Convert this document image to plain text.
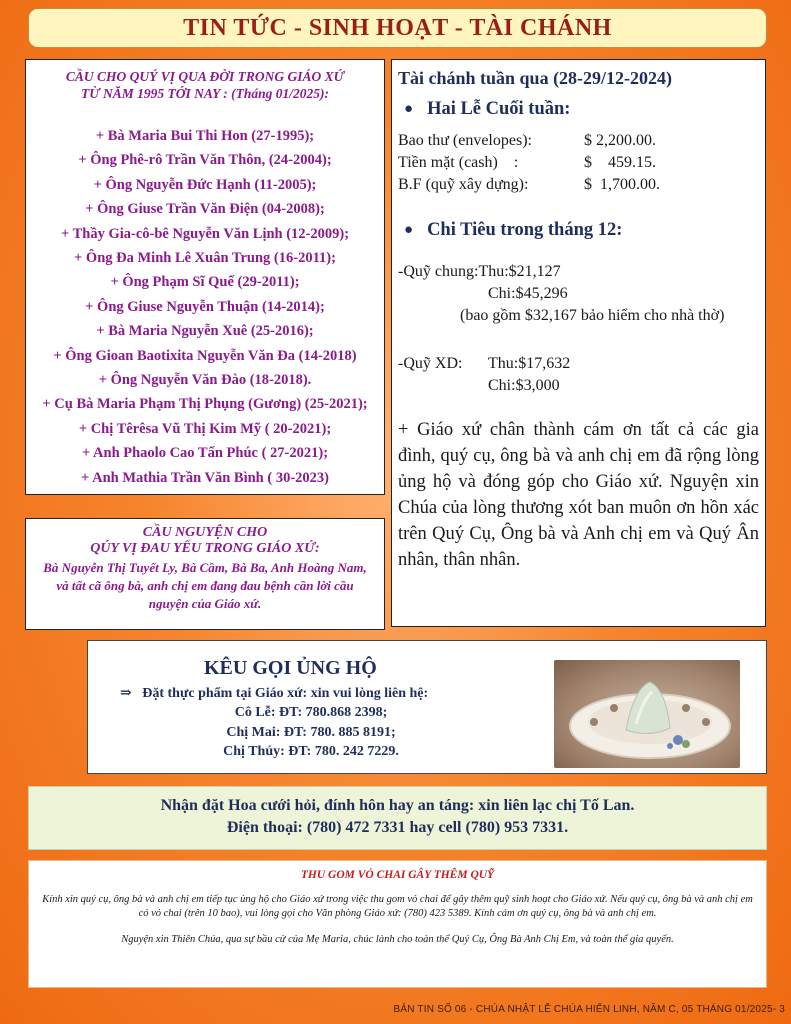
TIN TỨC - SINH HOẠT - TÀI CHÁNH
CẦU CHO QUÝ VỊ QUA ĐỜI TRONG GIÁO XỨ
TỪ NĂM 1995 TỚI NAY : (Tháng 01/2025):
+ Bà Maria Bui Thi Hon (27-1995);
+ Ông Phê-rô Trần Văn Thôn, (24-2004);
+ Ông Nguyễn Đức Hạnh (11-2005);
+ Ông Giuse Trần Văn Điện (04-2008);
+ Thầy Gia-cô-bê Nguyễn Văn Lịnh (12-2009);
+ Ông Đa Minh Lê Xuân Trung (16-2011);
+ Ông Phạm Sĩ Quế (29-2011);
+ Ông Giuse Nguyễn Thuận (14-2014);
+ Bà Maria Nguyễn Xuê (25-2016);
+ Ông Gioan Baotixita Nguyễn Văn Đa (14-2018)
+ Ông Nguyễn Văn Đào (18-2018).
+ Cụ Bà Maria Phạm Thị Phụng (Gương) (25-2021);
+ Chị Têrêsa Vũ Thị Kim Mỹ ( 20-2021);
+ Anh Phaolo Cao Tấn Phúc ( 27-2021);
+ Anh Mathia Trần Văn Bình ( 30-2023)
CẦU NGUYỆN CHO
QÚY VỊ ĐAU YẾU TRONG GIÁO XỨ:
Bà Nguyễn Thị Tuyết Ly, Bà Cầm, Bà Ba, Anh Hoàng Nam, và tất cã ông bà, anh chị em đang đau bệnh cần lời cầu nguyện của Giáo xứ.
Tài chánh tuần qua (28-29/12-2024)
● Hai Lễ Cuối tuần:
Bao thư (envelopes):	$ 2,200.00.
Tiền mặt (cash)    :	$    459.15.
B.F (quỹ xây dựng):	$  1,700.00.
● Chi Tiêu trong tháng 12:
-Quỹ chung:Thu:$21,127
Chi:$45,296
(bao gồm $32,167 bảo hiểm cho nhà thờ)
-Quỹ XD: Thu:$17,632
Chi:$3,000
+ Giáo xứ chân thành cám ơn tất cả các gia đình, quý cụ, ông bà và anh chị em đã rộng lòng ủng hộ và đóng góp cho Giáo xứ. Nguyện xin Chúa của lòng thương xót ban muôn ơn hồn xác trên Quý Cụ, Ông bà và Anh chị em và Quý Ân nhân, thân nhân.
KÊU GỌI ỦNG HỘ
⇒ Đặt thực phẩm tại Giáo xứ: xin vui lòng liên hệ:
Cô Lễ: ĐT: 780.868 2398;
Chị Mai: ĐT: 780. 885 8191;
Chị Thúy: ĐT: 780. 242 7229.
Nhận đặt Hoa cưới hỏi, đính hôn hay an táng: xin liên lạc chị Tố Lan.
Điện thoại: (780) 472 7331 hay cell (780) 953 7331.
THU GOM VỎ CHAI GÂY THÊM QUỸ

Kính xin quý cụ, ông bà và anh chị em tiếp tục ủng hộ cho Giáo xứ trong việc thu gom vỏ chai để gây thêm quỹ sinh hoạt cho Giáo xứ. Nếu quý cụ, ông bà và anh chị em có vỏ chai (trên 10 bao), vui lòng gọi cho Văn phòng Giáo xứ: (780) 423 5389. Kính cám ơn quý cụ, ông bà và anh chị em.

Nguyện xin Thiên Chúa, qua sự bầu cử của Mẹ Maria, chúc lành cho toàn thể Quý Cụ, Ông Bà Anh Chị Em, và toàn thể gia quyến.

BẢN TIN SỐ 06 - CHÚA NHẬT LỄ CHÚA HIỂN LINH, NĂM C, 05 THÁNG 01/2025- 3
